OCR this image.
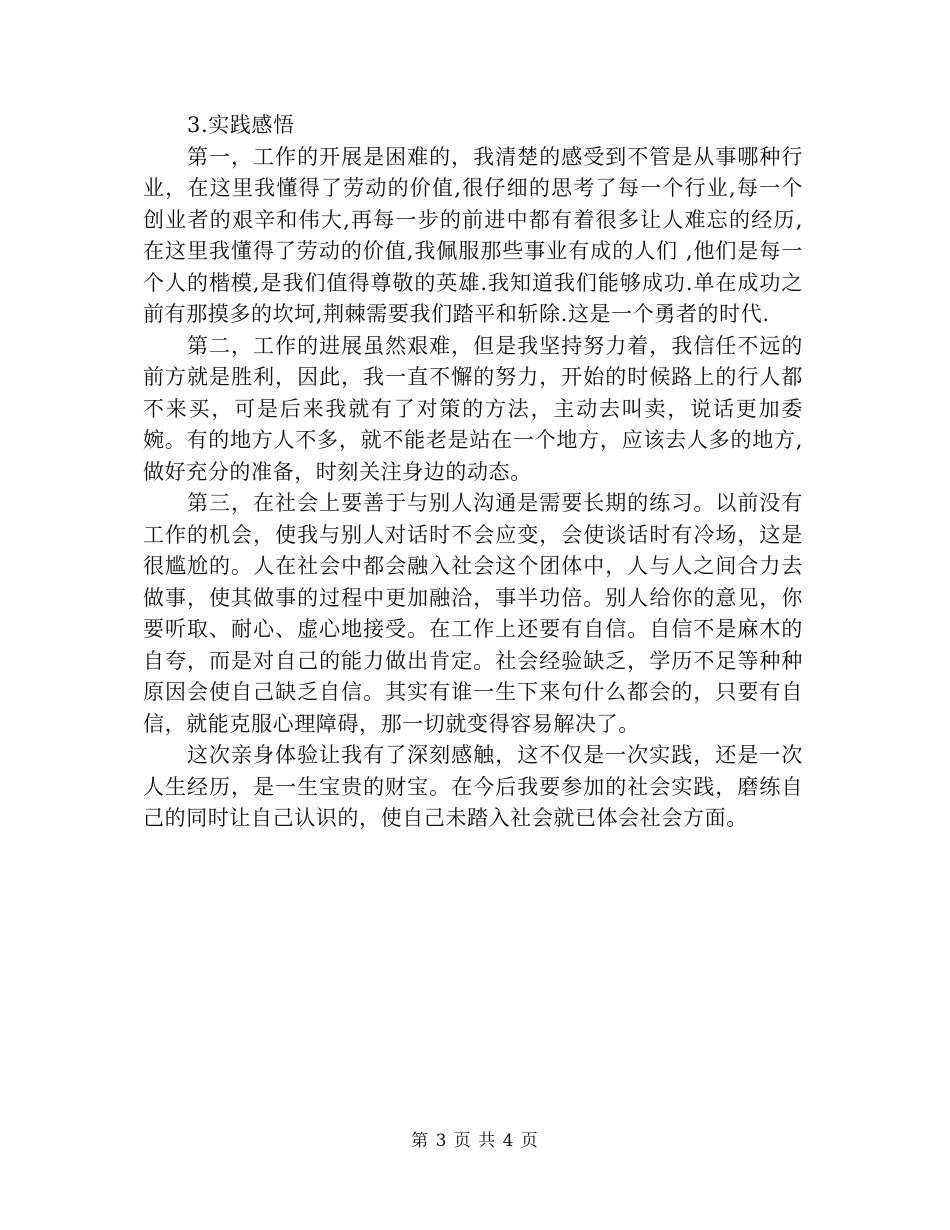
3.实践感悟

第一，工作的开展是困难的，我清楚的感受到不管是从事哪种行业，在这里我懂得了劳动的价值,很仔细的思考了每一个行业,每一个创业者的艰辛和伟大,再每一步的前进中都有着很多让人难忘的经历,在这里我懂得了劳动的价值,我佩服那些事业有成的人们 ,他们是每一个人的楷模,是我们值得尊敬的英雄.我知道我们能够成功.单在成功之前有那摸多的坎坷,荆棘需要我们踏平和斩除.这是一个勇者的时代.

第二，工作的进展虽然艰难，但是我坚持努力着，我信任不远的前方就是胜利，因此，我一直不懈的努力，开始的时候路上的行人都不来买，可是后来我就有了对策的方法，主动去叫卖，说话更加委婉。有的地方人不多，就不能老是站在一个地方，应该去人多的地方,做好充分的准备，时刻关注身边的动态。

第三，在社会上要善于与别人沟通是需要长期的练习。以前没有工作的机会，使我与别人对话时不会应变，会使谈话时有冷场，这是很尴尬的。人在社会中都会融入社会这个团体中，人与人之间合力去做事，使其做事的过程中更加融洽，事半功倍。别人给你的意见，你要听取、耐心、虚心地接受。在工作上还要有自信。自信不是麻木的自夸，而是对自己的能力做出肯定。社会经验缺乏，学历不足等种种原因会使自己缺乏自信。其实有谁一生下来句什么都会的，只要有自信，就能克服心理障碍，那一切就变得容易解决了。

这次亲身体验让我有了深刻感触，这不仅是一次实践，还是一次人生经历，是一生宝贵的财宝。在今后我要参加的社会实践，磨练自己的同时让自己认识的，使自己未踏入社会就已体会社会方面。

第 3 页 共 4 页
